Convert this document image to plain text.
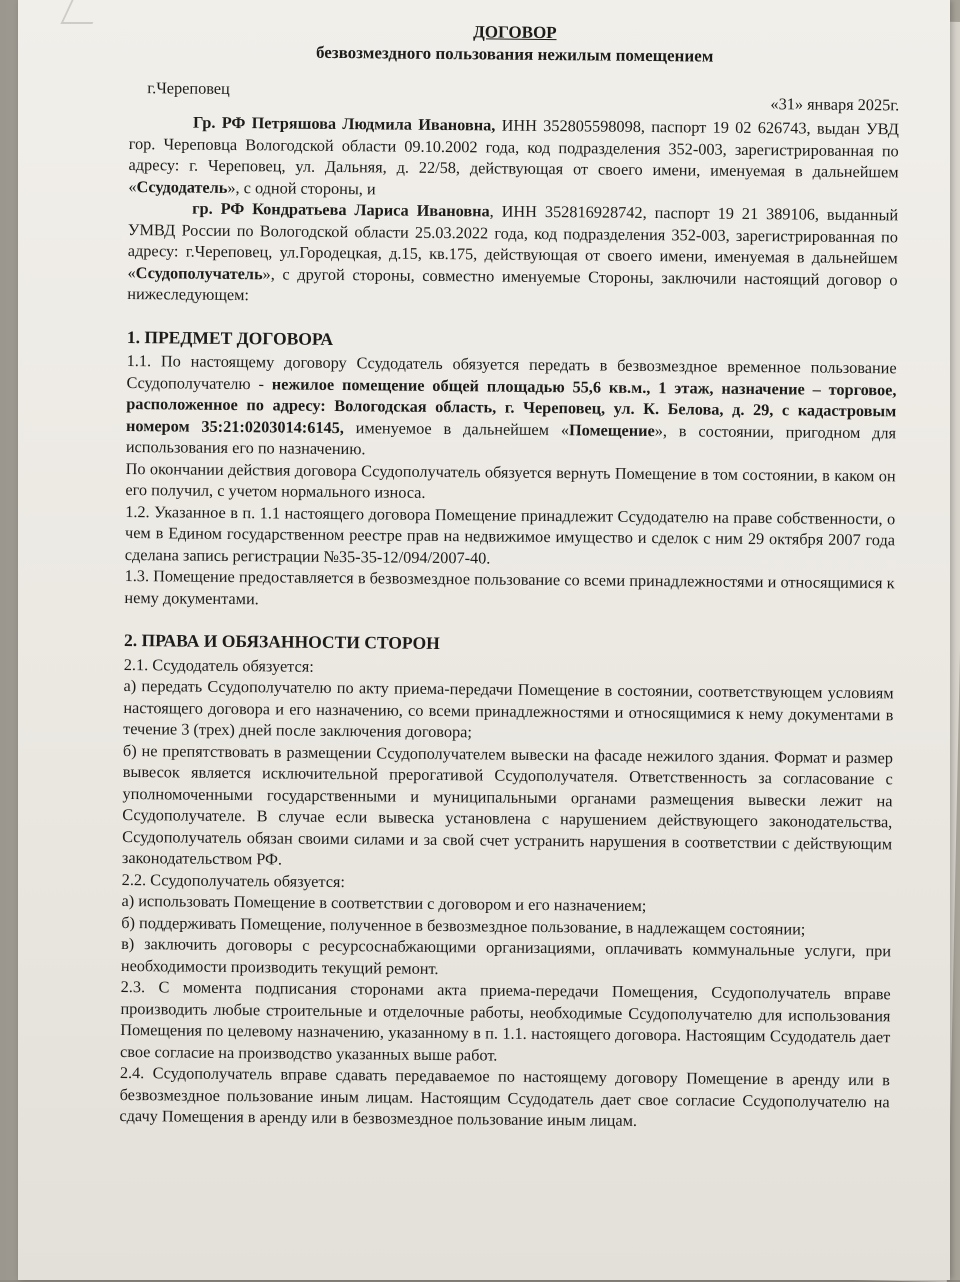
ДОГОВОР

безвозмездного пользования нежилым помещением

г.Череповец
«31» января 2025г.

Гр. РФ Петряшова Людмила Ивановна, ИНН 352805598098, паспорт 19 02 626743, выдан УВД гор. Череповца Вологодской области 09.10.2002 года, код подразделения 352-003, зарегистрированная по адресу: г. Череповец, ул. Дальняя, д. 22/58, действующая от своего имени, именуемая в дальнейшем «Ссудодатель», с одной стороны, и

гр. РФ Кондратьева Лариса Ивановна, ИНН 352816928742, паспорт 19 21 389106, выданный УМВД России по Вологодской области 25.03.2022 года, код подразделения 352-003, зарегистрированная по адресу: г.Череповец, ул.Городецкая, д.15, кв.175, действующая от своего имени, именуемая в дальнейшем «Ссудополучатель», с другой стороны, совместно именуемые Стороны, заключили настоящий договор о нижеследующем:

1. ПРЕДМЕТ ДОГОВОРА

1.1. По настоящему договору Ссудодатель обязуется передать в безвозмездное временное пользование Ссудополучателю - нежилое помещение общей площадью 55,6 кв.м., 1 этаж, назначение – торговое, расположенное по адресу: Вологодская область, г. Череповец, ул. К. Белова, д. 29, с кадастровым номером 35:21:0203014:6145, именуемое в дальнейшем «Помещение», в состоянии, пригодном для использования его по назначению.

По окончании действия договора Ссудополучатель обязуется вернуть Помещение в том состоянии, в каком он его получил, с учетом нормального износа.

1.2. Указанное в п. 1.1 настоящего договора Помещение принадлежит Ссудодателю на праве собственности, о чем в Едином государственном реестре прав на недвижимое имущество и сделок с ним 29 октября 2007 года сделана запись регистрации №35-35-12/094/2007-40.

1.3. Помещение предоставляется в безвозмездное пользование со всеми принадлежностями и относящимися к нему документами.

2. ПРАВА И ОБЯЗАННОСТИ СТОРОН

2.1. Ссудодатель обязуется:

а) передать Ссудополучателю по акту приема-передачи Помещение в состоянии, соответствующем условиям настоящего договора и его назначению, со всеми принадлежностями и относящимися к нему документами в течение 3 (трех) дней после заключения договора;

б) не препятствовать в размещении Ссудополучателем вывески на фасаде нежилого здания. Формат и размер вывесок является исключительной прерогативой Ссудополучателя. Ответственность за согласование с уполномоченными государственными и муниципальными органами размещения вывески лежит на Ссудополучателе. В случае если вывеска установлена с нарушением действующего законодательства, Ссудополучатель обязан своими силами и за свой счет устранить нарушения в соответствии с действующим законодательством РФ.

2.2. Ссудополучатель обязуется:

а) использовать Помещение в соответствии с договором и его назначением;

б) поддерживать Помещение, полученное в безвозмездное пользование, в надлежащем состоянии;

в) заключить договоры с ресурсоснабжающими организациями, оплачивать коммунальные услуги, при необходимости производить текущий ремонт.

2.3. С момента подписания сторонами акта приема-передачи Помещения, Ссудополучатель вправе производить любые строительные и отделочные работы, необходимые Ссудополучателю для использования Помещения по целевому назначению, указанному в п. 1.1. настоящего договора. Настоящим Ссудодатель дает свое согласие на производство указанных выше работ.

2.4. Ссудополучатель вправе сдавать передаваемое по настоящему договору Помещение в аренду или в безвозмездное пользование иным лицам. Настоящим Ссудодатель дает свое согласие Ссудополучателю на сдачу Помещения в аренду или в безвозмездное пользование иным лицам.
